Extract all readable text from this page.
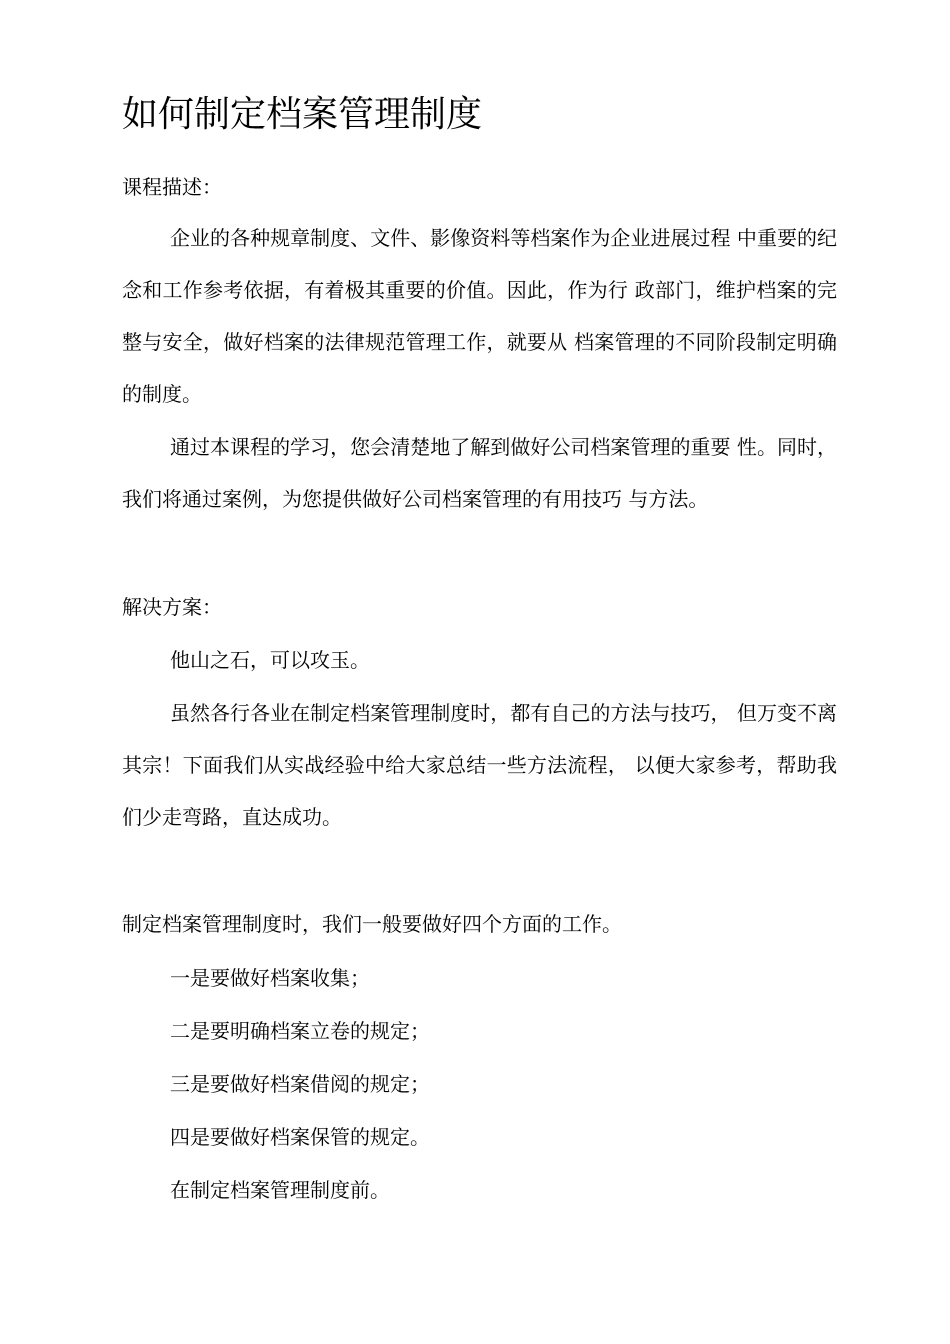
如何制定档案管理制度

课程描述：

企业的各种规章制度、文件、影像资料等档案作为企业进展过程 中重要的纪念和工作参考依据，有着极其重要的价值。因此，作为行 政部门，维护档案的完整与安全，做好档案的法律规范管理工作，就要从 档案管理的不同阶段制定明确的制度。

通过本课程的学习，您会清楚地了解到做好公司档案管理的重要 性。同时，我们将通过案例，为您提供做好公司档案管理的有用技巧 与方法。

解决方案：

他山之石，可以攻玉。

虽然各行各业在制定档案管理制度时，都有自己的方法与技巧， 但万变不离其宗！下面我们从实战经验中给大家总结一些方法流程， 以便大家参考，帮助我们少走弯路，直达成功。

制定档案管理制度时，我们一般要做好四个方面的工作。

一是要做好档案收集；

二是要明确档案立卷的规定；

三是要做好档案借阅的规定；

四是要做好档案保管的规定。

在制定档案管理制度前。
